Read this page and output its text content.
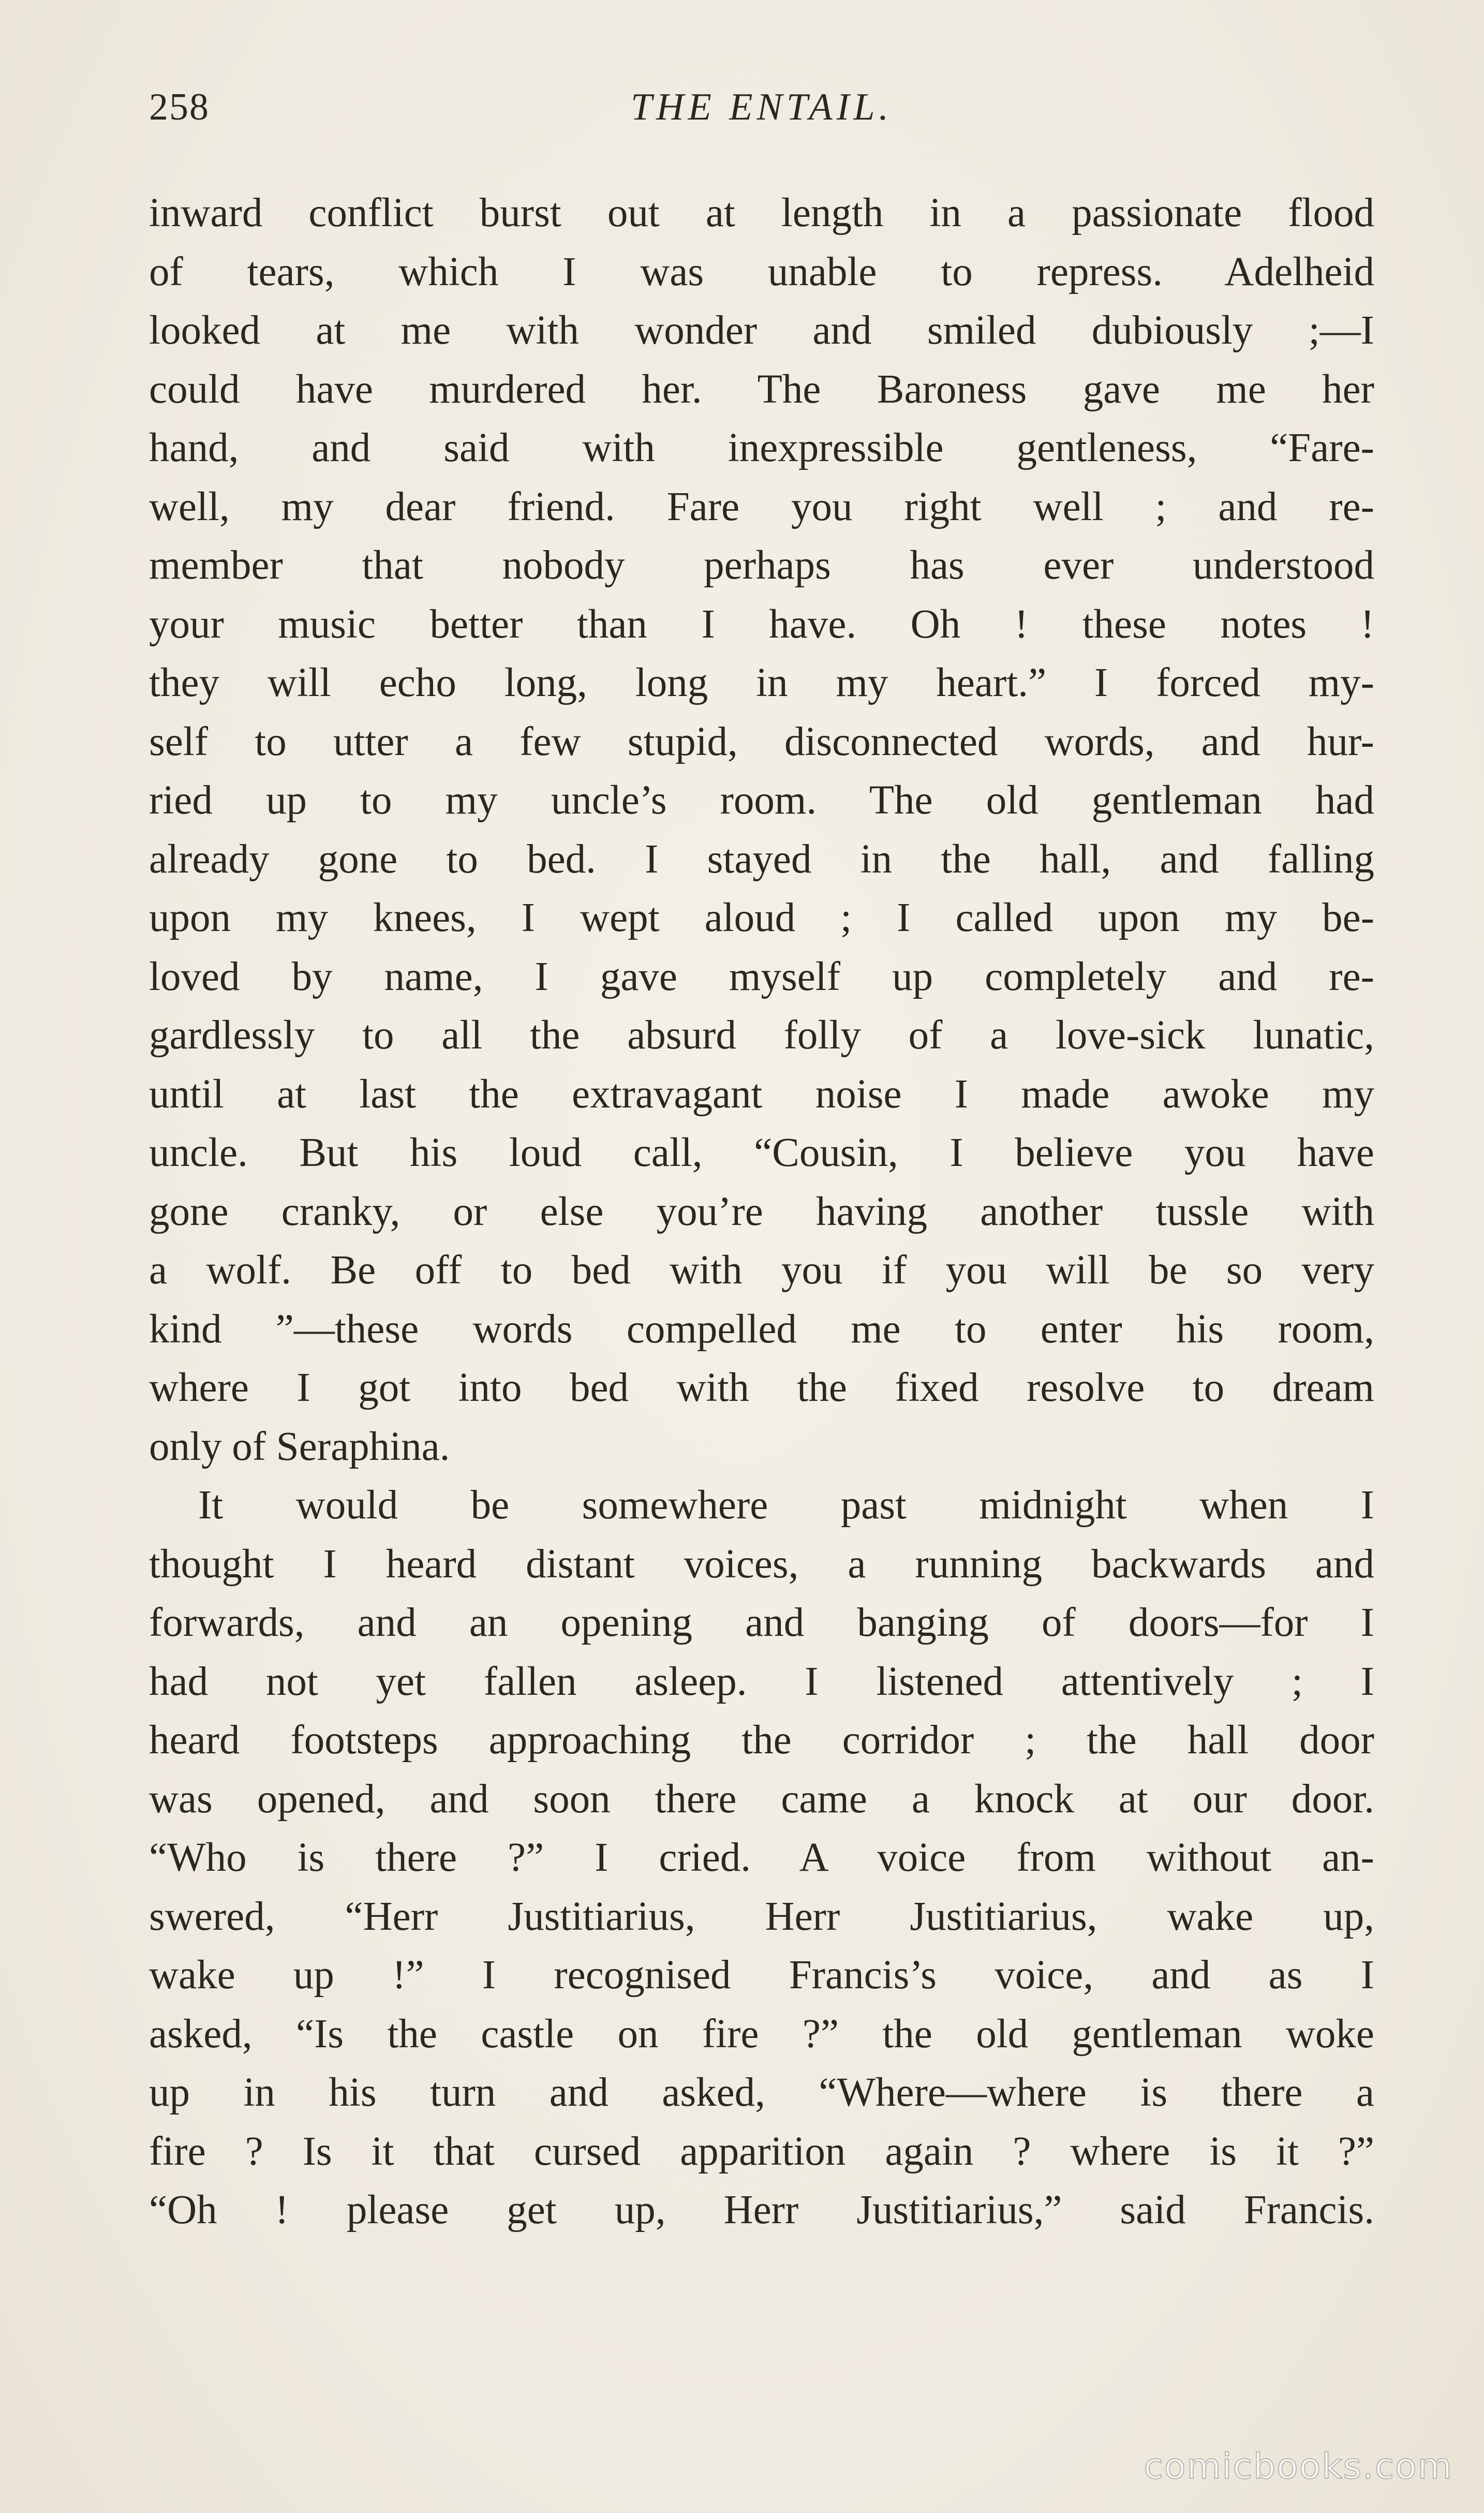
258	THE ENTAIL.
inward conflict burst out at length in a passionate flood
of tears, which I was unable to repress. Adelheid
looked at me with wonder and smiled dubiously ;—I
could have murdered her. The Baroness gave me her
hand, and said with inexpressible gentleness, “Fare-
well, my dear friend. Fare you right well ; and re-
member that nobody perhaps has ever understood
your music better than I have. Oh ! these notes !
they will echo long, long in my heart.” I forced my-
self to utter a few stupid, disconnected words, and hur-
ried up to my uncle’s room. The old gentleman had
already gone to bed. I stayed in the hall, and falling
upon my knees, I wept aloud ; I called upon my be-
loved by name, I gave myself up completely and re-
gardlessly to all the absurd folly of a love-sick lunatic,
until at last the extravagant noise I made awoke my
uncle. But his loud call, “Cousin, I believe you have
gone cranky, or else you’re having another tussle with
a wolf. Be off to bed with you if you will be so very
kind ”—these words compelled me to enter his room,
where I got into bed with the fixed resolve to dream
only of Seraphina.
It would be somewhere past midnight when I
thought I heard distant voices, a running backwards and
forwards, and an opening and banging of doors—for I
had not yet fallen asleep. I listened attentively ; I
heard footsteps approaching the corridor ; the hall door
was opened, and soon there came a knock at our door.
“Who is there ?” I cried. A voice from without an-
swered, “Herr Justitiarius, Herr Justitiarius, wake up,
wake up !” I recognised Francis’s voice, and as I
asked, “Is the castle on fire ?” the old gentleman woke
up in his turn and asked, “Where—where is there a
fire ? Is it that cursed apparition again ? where is it ?”
“Oh ! please get up, Herr Justitiarius,” said Francis.
comicbooks.com
